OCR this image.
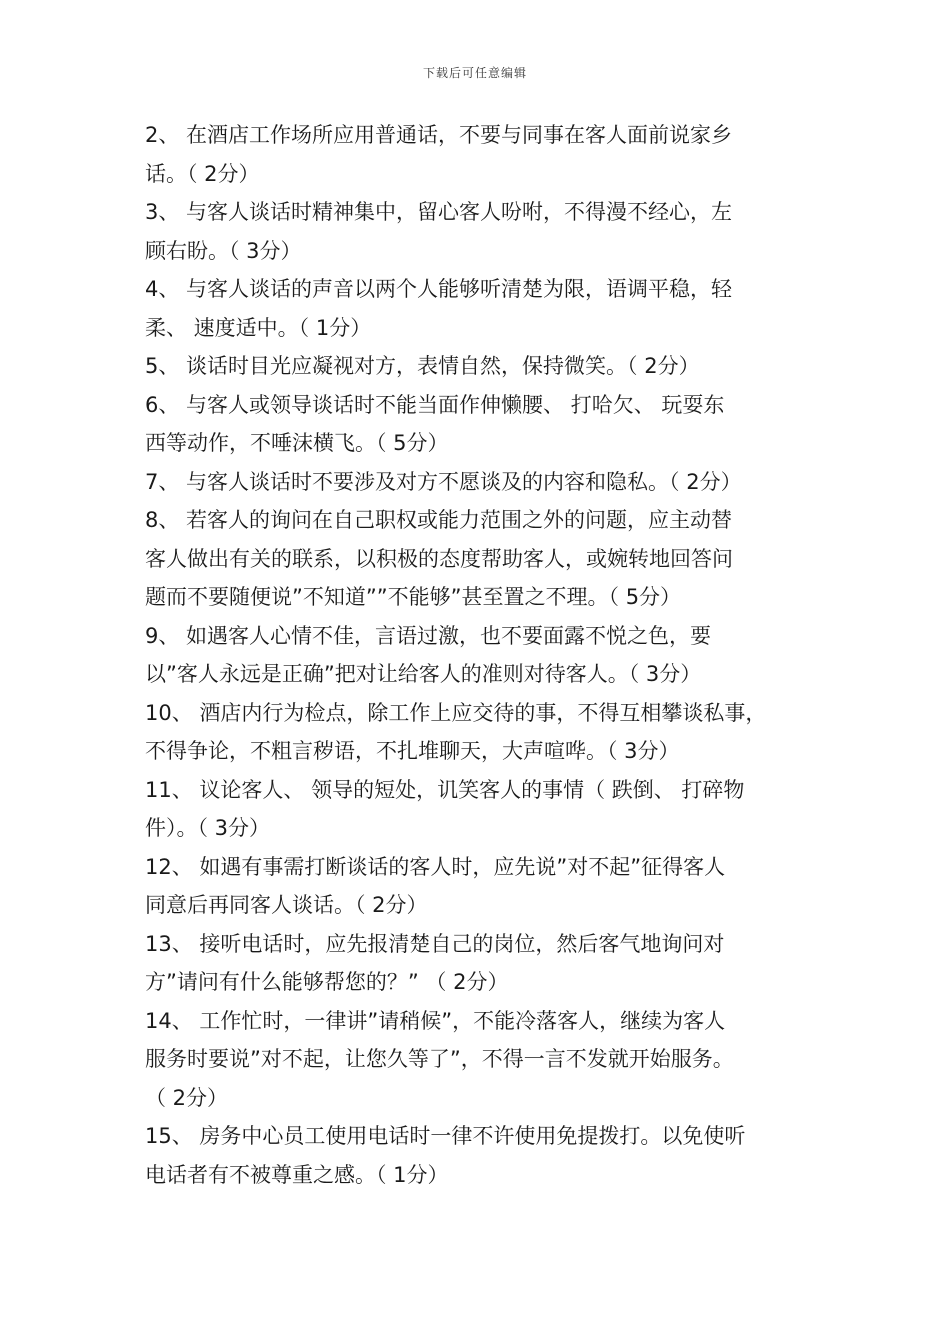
下载后可任意编辑
2、 在酒店工作场所应用普通话，不要与同事在客人面前说家乡
话。（ 2分）
3、 与客人谈话时精神集中，留心客人吩咐，不得漫不经心，左
顾右盼。（ 3分）
4、 与客人谈话的声音以两个人能够听清楚为限，语调平稳，轻
柔、 速度适中。（ 1分）
5、 谈话时目光应凝视对方，表情自然，保持微笑。（ 2分）
6、 与客人或领导谈话时不能当面作伸懒腰、 打哈欠、 玩耍东
西等动作，不唾沫横飞。（ 5分）
7、 与客人谈话时不要涉及对方不愿谈及的内容和隐私。（ 2分）
8、 若客人的询问在自己职权或能力范围之外的问题，应主动替
客人做出有关的联系，以积极的态度帮助客人，或婉转地回答问
题而不要随便说”不知道””不能够”甚至置之不理。（ 5分）
9、 如遇客人心情不佳，言语过激，也不要面露不悦之色，要
以”客人永远是正确”把对让给客人的准则对待客人。（ 3分）
10、 酒店内行为检点，除工作上应交待的事，不得互相攀谈私事，
不得争论，不粗言秽语，不扎堆聊天，大声喧哗。（ 3分）
11、 议论客人、 领导的短处，讥笑客人的事情（ 跌倒、 打碎物
件）。（ 3分）
12、 如遇有事需打断谈话的客人时，应先说”对不起”征得客人
同意后再同客人谈话。（ 2分）
13、 接听电话时，应先报清楚自己的岗位，然后客气地询问对
方”请问有什么能够帮您的？” （ 2分）
14、 工作忙时，一律讲”请稍候”，不能冷落客人，继续为客人
服务时要说”对不起，让您久等了”，不得一言不发就开始服务。
（ 2分）
15、 房务中心员工使用电话时一律不许使用免提拨打。以免使听
电话者有不被尊重之感。（ 1分）
